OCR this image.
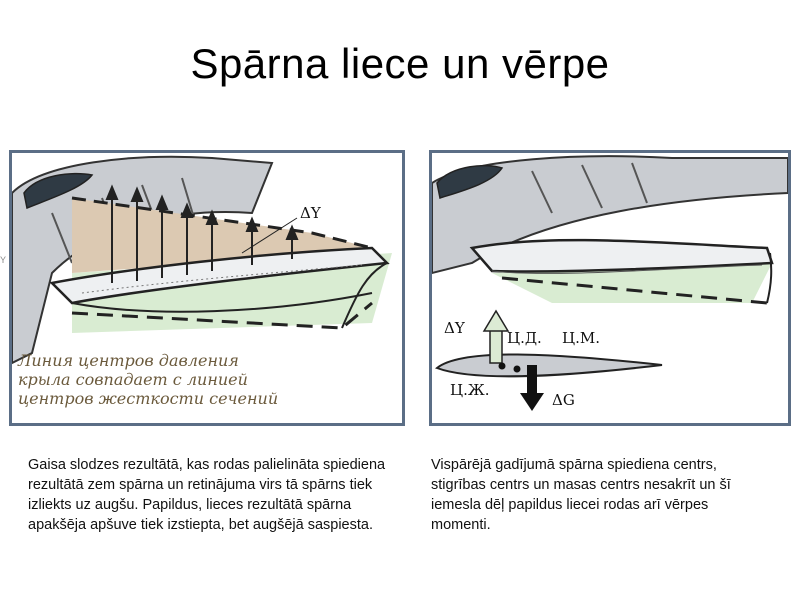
Spārna liece un vērpe
Y
ΔY
Линия центров давления
крыла совпадает с линией
центров жесткости сечений
ΔY
Ц.Д. Ц.М.
Ц.Ж.
ΔG

Gaisa slodzes rezultātā, kas rodas palielināta spiediena rezultātā zem spārna un retinājuma virs tā spārns tiek izliekts uz augšu. Papildus, lieces rezultātā spārna apakšēja apšuve tiek izstiepta, bet augšējā saspiesta.

Vispārējā gadījumā spārna spiediena centrs, stigrības centrs un masas centrs nesakrīt un šī iemesla dēļ papildus liecei rodas arī vērpes momenti.
